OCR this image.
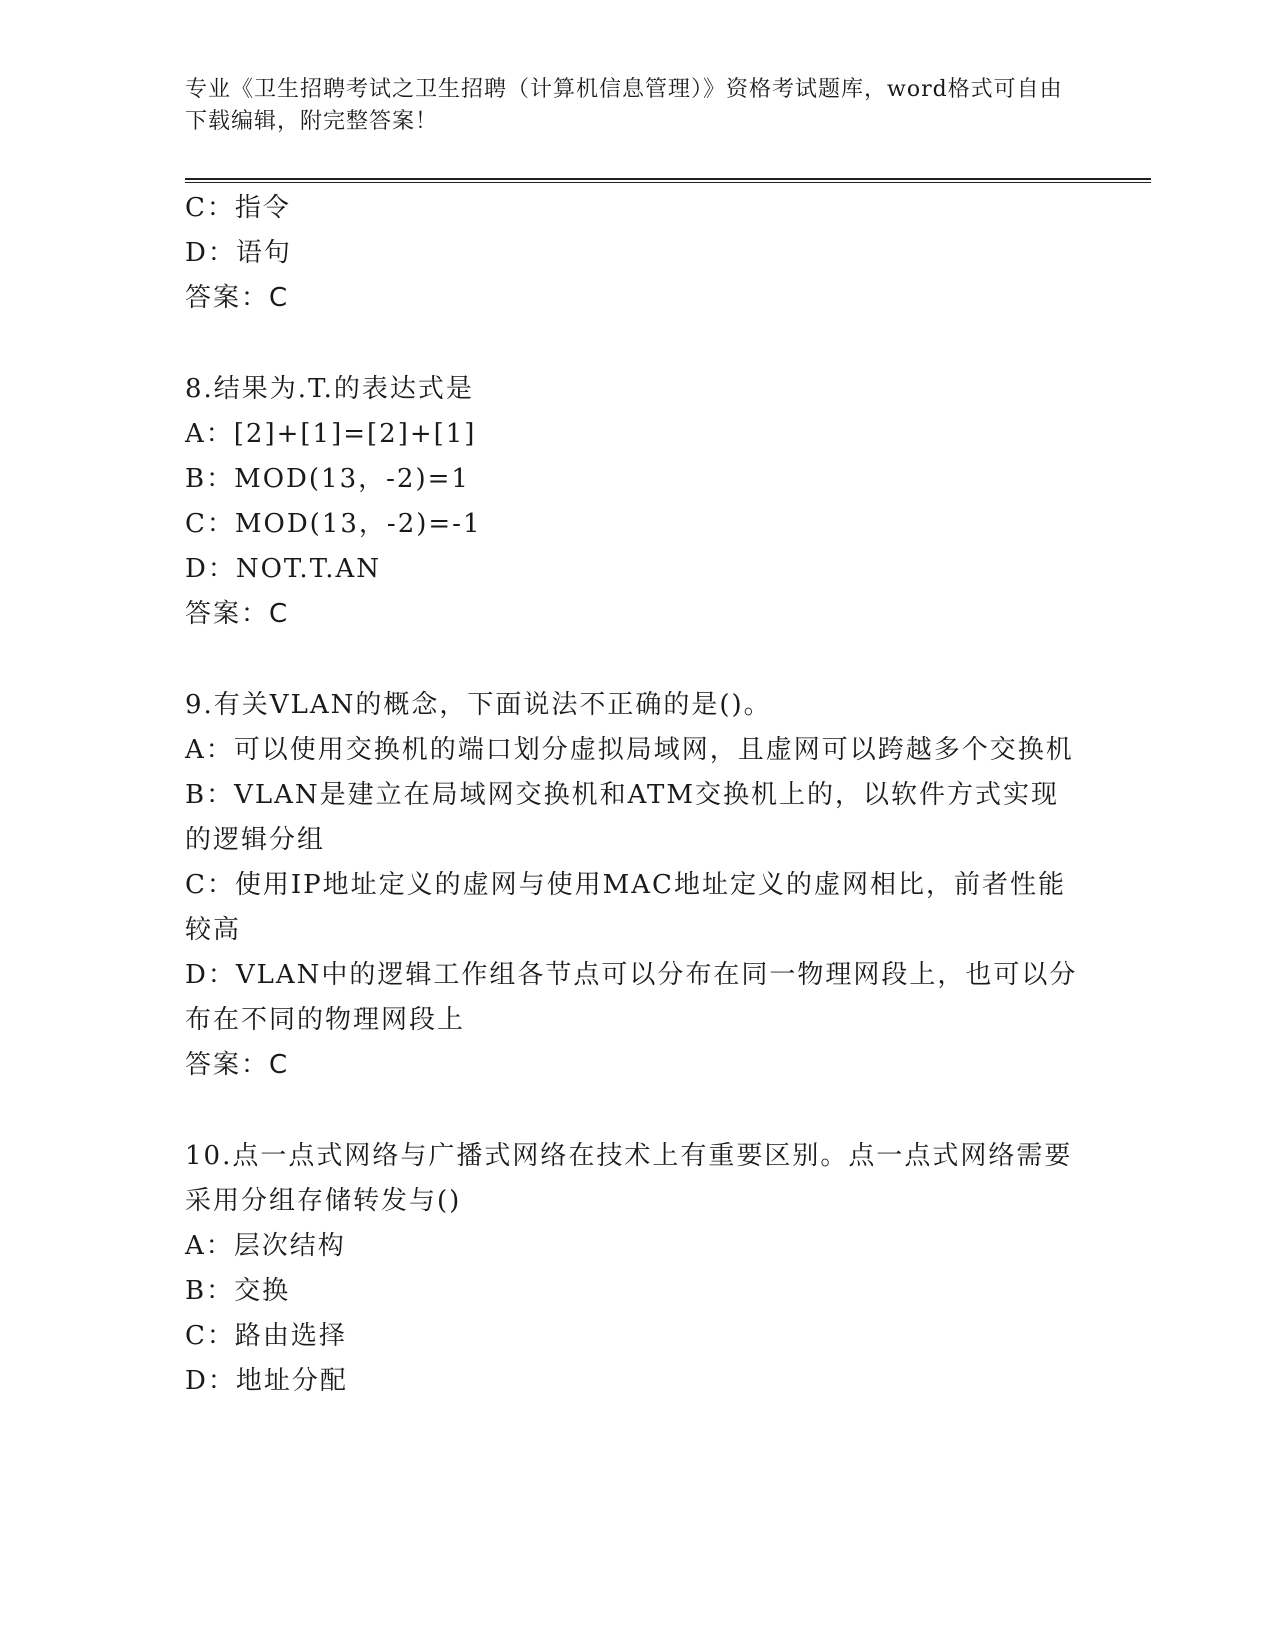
专业《卫生招聘考试之卫生招聘（计算机信息管理）》资格考试题库，word格式可自由下载编辑，附完整答案！
C：指令
D：语句
答案：C
8.结果为.T.的表达式是
A：[2]+[1]=[2]+[1]
B：MOD(13，-2)=1
C：MOD(13，-2)=-1
D：NOT.T.AN
答案：C
9.有关VLAN的概念，下面说法不正确的是()。
A：可以使用交换机的端口划分虚拟局域网，且虚网可以跨越多个交换机
B：VLAN是建立在局域网交换机和ATM交换机上的，以软件方式实现的逻辑分组
C：使用IP地址定义的虚网与使用MAC地址定义的虚网相比，前者性能较高
D：VLAN中的逻辑工作组各节点可以分布在同一物理网段上，也可以分布在不同的物理网段上
答案：C
10.点一点式网络与广播式网络在技术上有重要区别。点一点式网络需要采用分组存储转发与()
A：层次结构
B：交换
C：路由选择
D：地址分配
